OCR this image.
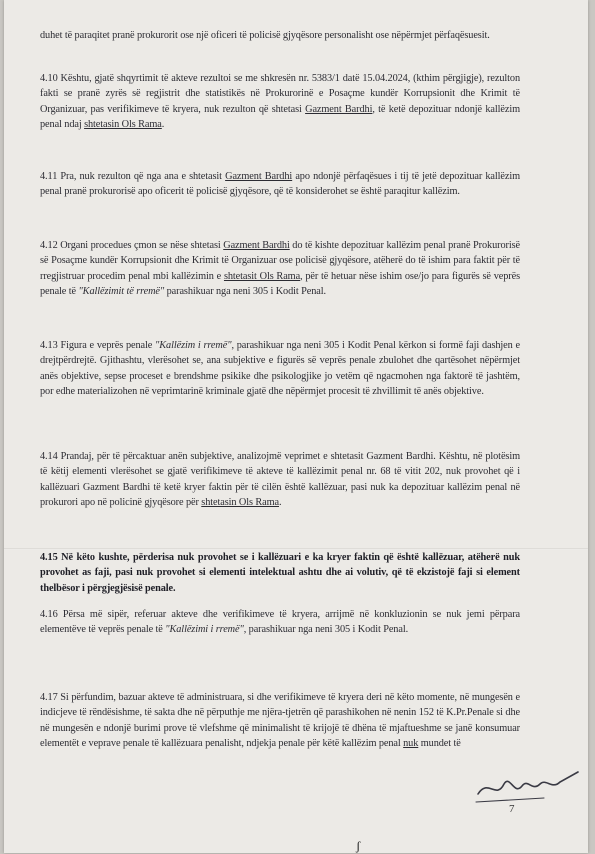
duhet të paraqitet pranë prokurorit ose një oficeri të policisë gjyqësore personalisht ose nëpërmjet përfaqësuesit.
4.10 Kështu, gjatë shqyrtimit të akteve rezultoi se me shkresën nr. 5383/1 datë 15.04.2024, (kthim përgjigje), rezulton fakti se pranë zyrës së regjistrit dhe statistikës në Prokurorinë e Posaçme kundër Korrupsionit dhe Krimit të Organizuar, pas verifikimeve të kryera, nuk rezulton që shtetasi Gazment Bardhi, të ketë depozituar ndonjë kallëzim penal ndaj shtetasin Ols Rama.
4.11 Pra, nuk rezulton që nga ana e shtetasit Gazment Bardhi apo ndonjë përfaqësues i tij të jetë depozituar kallëzim penal pranë prokurorisë apo oficerit të policisë gjyqësore, që të konsiderohet se është paraqitur kallëzim.
4.12 Organi procedues çmon se nëse shtetasi Gazment Bardhi do të kishte depozituar kallëzim penal pranë Prokurorisë së Posaçme kundër Korrupsionit dhe Krimit të Organizuar ose policisë gjyqësore, atëherë do të ishim para faktit për të rregjistruar procedim penal mbi kallëzimin e shtetasit Ols Rama, për të hetuar nëse ishim ose/jo para figurës së veprës penale të "Kallëzimit të rremë" parashikuar nga neni 305 i Kodit Penal.
4.13 Figura e veprës penale "Kallëzim i rremë", parashikuar nga neni 305 i Kodit Penal kërkon si formë faji dashjen e drejtpërdrejtë. Gjithashtu, vlerësohet se, ana subjektive e figurës së veprës penale zbulohet dhe qartësohet nëpërmjet anës objektive, sepse proceset e brendshme psikike dhe psikologjike jo vetëm që ngacmohen nga faktorë të jashtëm, por edhe materializohen në veprimtarinë kriminale gjatë dhe nëpërmjet procesit të zhvillimit të anës objektive.
4.14 Prandaj, për të përcaktuar anën subjektive, analizojmë veprimet e shtetasit Gazment Bardhi. Kështu, në plotësim të këtij elementi vlerësohet se gjatë verifikimeve të akteve të kallëzimit penal nr. 68 të vitit 202, nuk provohet që i kallëzuari Gazment Bardhi të ketë kryer faktin për të cilën është kallëzuar, pasi nuk ka depozituar kallëzim penal në prokurori apo në policinë gjyqësore për shtetasin Ols Rama.
4.15 Në këto kushte, përderisa nuk provohet se i kallëzuari e ka kryer faktin që është kallëzuar, atëherë nuk provohet as faji, pasi nuk provohet si elementi intelektual ashtu dhe ai volutiv, që të ekzistojë faji si element thelbësor i përgjegjësisë penale.
4.16 Përsa më sipër, referuar akteve dhe verifikimeve të kryera, arrijmë në konkluzionin se nuk jemi përpara elementëve të veprës penale të "Kallëzimi i rremë", parashikuar nga neni 305 i Kodit Penal.
4.17 Si përfundim, bazuar akteve të administruara, si dhe verifikimeve të kryera deri në këto momente, në mungesën e indicjeve të rëndësishme, të sakta dhe në përputhje me njëra-tjetrën që parashikohen në nenin 152 të K.Pr.Penale si dhe në mungesën e ndonjë burimi prove të vlefshme që minimalisht të krijojë të dhëna të mjaftueshme se janë konsumuar elementët e veprave penale të kallëzuara penalisht, ndjekja penale për këtë kallëzim penal nuk mundet të
7
ʃ
